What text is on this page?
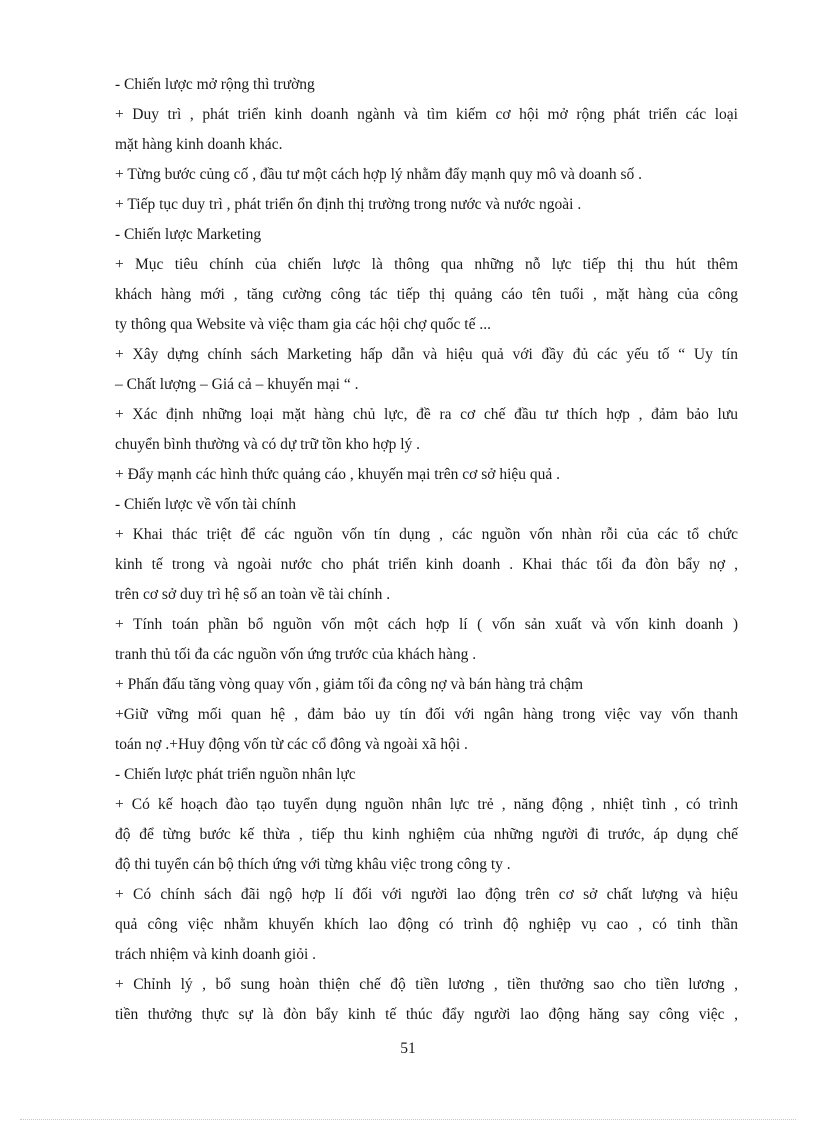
- Chiến lược mở rộng thì trường
+ Duy trì , phát triển kinh doanh ngành và tìm kiếm cơ hội mở rộng phát triển các loại
mặt hàng kinh doanh khác.
+ Từng bước củng cố , đầu tư một cách hợp lý nhằm đẩy mạnh quy mô và doanh số .
+ Tiếp tục duy trì , phát triển ổn định thị trường trong nước và nước ngoài .
- Chiến lược Marketing
+ Mục tiêu chính của chiến lược là thông qua những nỗ lực tiếp thị thu hút thêm
khách hàng mới , tăng cường công tác tiếp thị quảng cáo tên tuổi , mặt hàng của công
ty thông qua Website và việc tham gia các hội chợ quốc tế ...
+ Xây dựng chính sách Marketing hấp dẫn và hiệu quả với đầy đủ các yếu tố “ Uy tín
– Chất lượng – Giá cả – khuyến mại “ .
+ Xác định những loại mặt hàng chủ lực, đề ra cơ chế đầu tư thích hợp , đảm bảo lưu
chuyển bình thường và có dự trữ tồn kho hợp lý .
+ Đẩy mạnh các hình thức quảng cáo , khuyến mại trên cơ sở hiệu quả .
- Chiến lược về vốn tài chính
+ Khai thác triệt để các nguồn vốn tín dụng , các nguồn vốn nhàn rỗi của các tổ chức
kinh tế trong và ngoài nước cho phát triển kinh doanh . Khai thác tối đa đòn bẩy nợ ,
trên cơ sở duy trì hệ số an toàn về tài chính .
+ Tính toán phần bổ nguồn vốn một cách hợp lí ( vốn sản xuất và vốn kinh doanh )
tranh thủ tối đa các nguồn vốn ứng trước của khách hàng .
+ Phấn đấu tăng vòng quay vốn , giảm tối đa công nợ và bán hàng trả chậm
+Giữ vững mối quan hệ , đảm bảo uy tín đối với ngân hàng trong việc vay vốn thanh
toán nợ .+Huy động vốn từ các cổ đông và ngoài xã hội .
- Chiến lược phát triển nguồn nhân lực
+ Có kế hoạch đào tạo tuyển dụng nguồn nhân lực trẻ , năng động , nhiệt tình , có trình
độ để từng bước kế thừa , tiếp thu kinh nghiệm của những người đi trước, áp dụng chế
độ thi tuyển cán bộ thích ứng với từng khâu việc trong công ty .
+ Có chính sách đãi ngộ hợp lí đối với người lao động trên cơ sở chất lượng và hiệu
quả công việc nhằm khuyến khích lao động có trình độ nghiệp vụ cao , có tinh thần
trách nhiệm và kinh doanh giỏi .
+ Chỉnh lý , bổ sung hoàn thiện chế độ tiền lương , tiền thưởng sao cho tiền lương ,
tiền thưởng thực sự là đòn bẩy kinh tế thúc đẩy người lao động hăng say công việc ,
51
